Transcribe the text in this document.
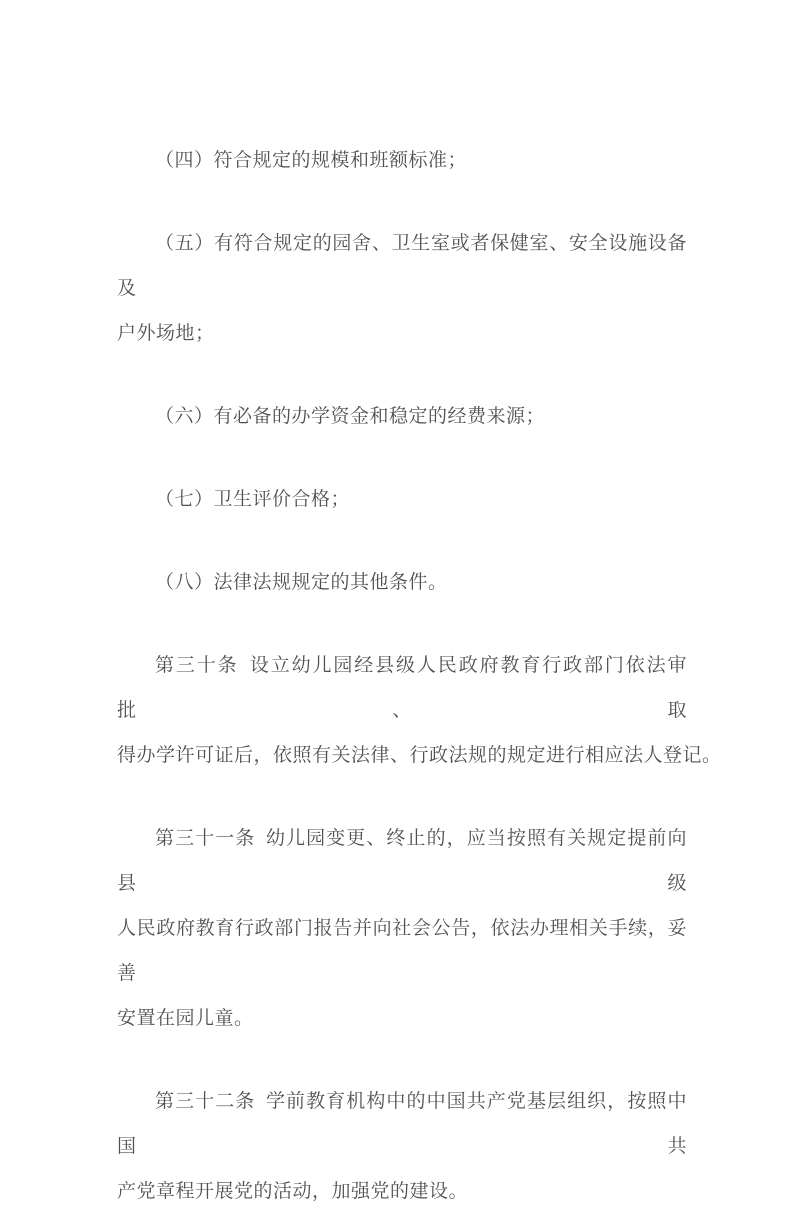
（四）符合规定的规模和班额标准；
（五）有符合规定的园舍、卫生室或者保健室、安全设施设备及
户外场地；
（六）有必备的办学资金和稳定的经费来源；
（七）卫生评价合格；
（八）法律法规规定的其他条件。
第三十条 设立幼儿园经县级人民政府教育行政部门依法审批、取
得办学许可证后，依照有关法律、行政法规的规定进行相应法人登记。
第三十一条 幼儿园变更、终止的，应当按照有关规定提前向县级
人民政府教育行政部门报告并向社会公告，依法办理相关手续，妥善
安置在园儿童。
第三十二条 学前教育机构中的中国共产党基层组织，按照中国共
产党章程开展党的活动，加强党的建设。
